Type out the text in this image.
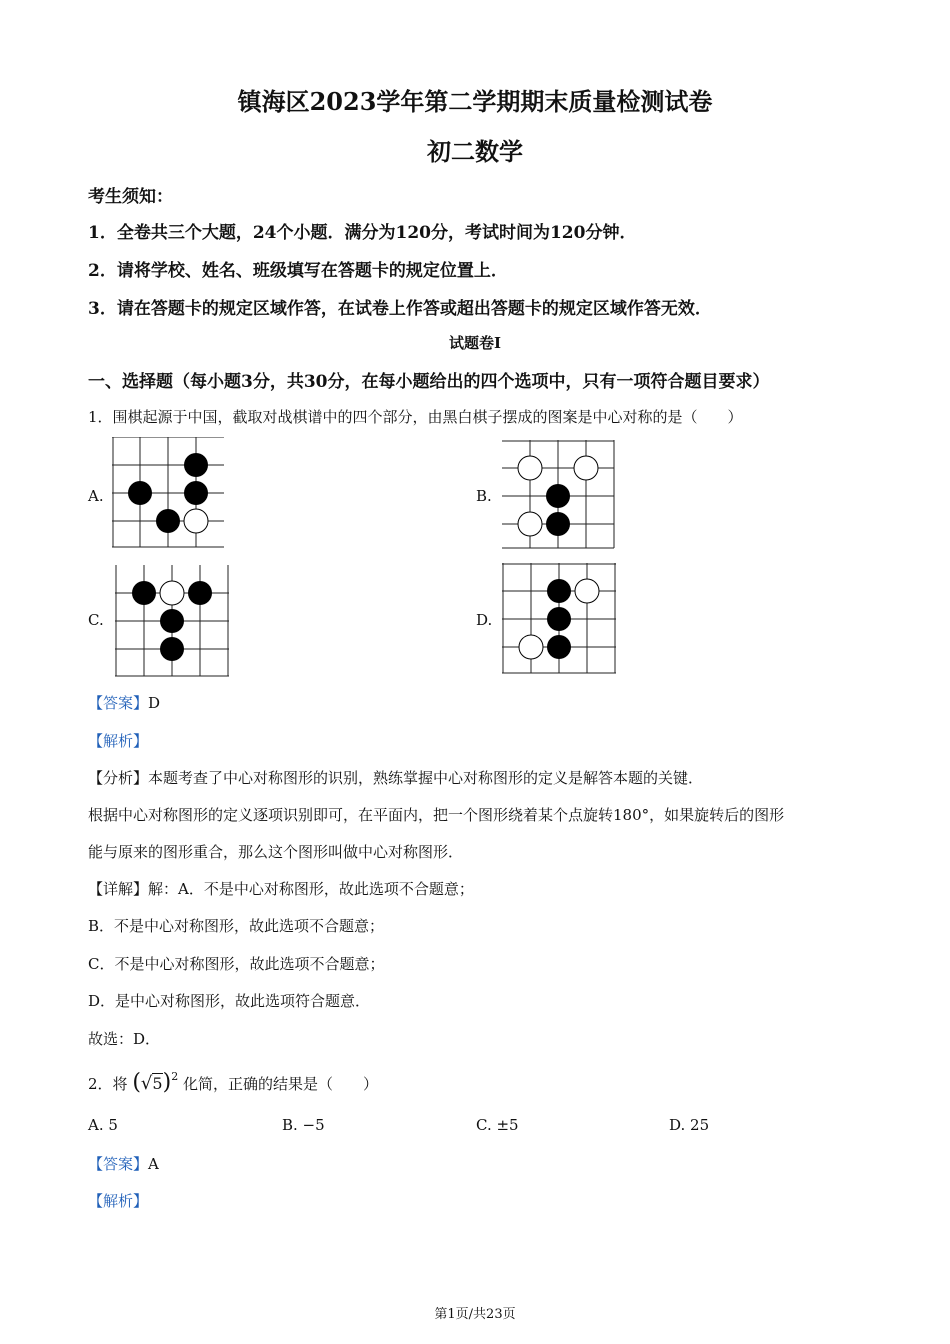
镇海区2023学年第二学期期末质量检测试卷
初二数学
考生须知：
1．全卷共三个大题，24个小题．满分为120分，考试时间为120分钟．
2．请将学校、姓名、班级填写在答题卡的规定位置上．
3．请在答题卡的规定区域作答，在试卷上作答或超出答题卡的规定区域作答无效．
试题卷I
一、选择题（每小题3分，共30分，在每小题给出的四个选项中，只有一项符合题目要求）
1．围棋起源于中国，截取对战棋谱中的四个部分，由黑白棋子摆成的图案是中心对称的是（　　）
A.	B.
C.	D.
【答案】D
【解析】
【分析】本题考查了中心对称图形的识别，熟练掌握中心对称图形的定义是解答本题的关键．
根据中心对称图形的定义逐项识别即可，在平面内，把一个图形绕着某个点旋转180°，如果旋转后的图形
能与原来的图形重合，那么这个图形叫做中心对称图形．
【详解】解：A．不是中心对称图形，故此选项不合题意；
B．不是中心对称图形，故此选项不合题意；
C．不是中心对称图形，故此选项不合题意；
D．是中心对称图形，故此选项符合题意．
故选：D．
2．将 $(√5)^2$ 化简，正确的结果是（　　）
A. 5	B. −5	C. ±5	D. 25
【答案】A
【解析】
第1页/共23页
